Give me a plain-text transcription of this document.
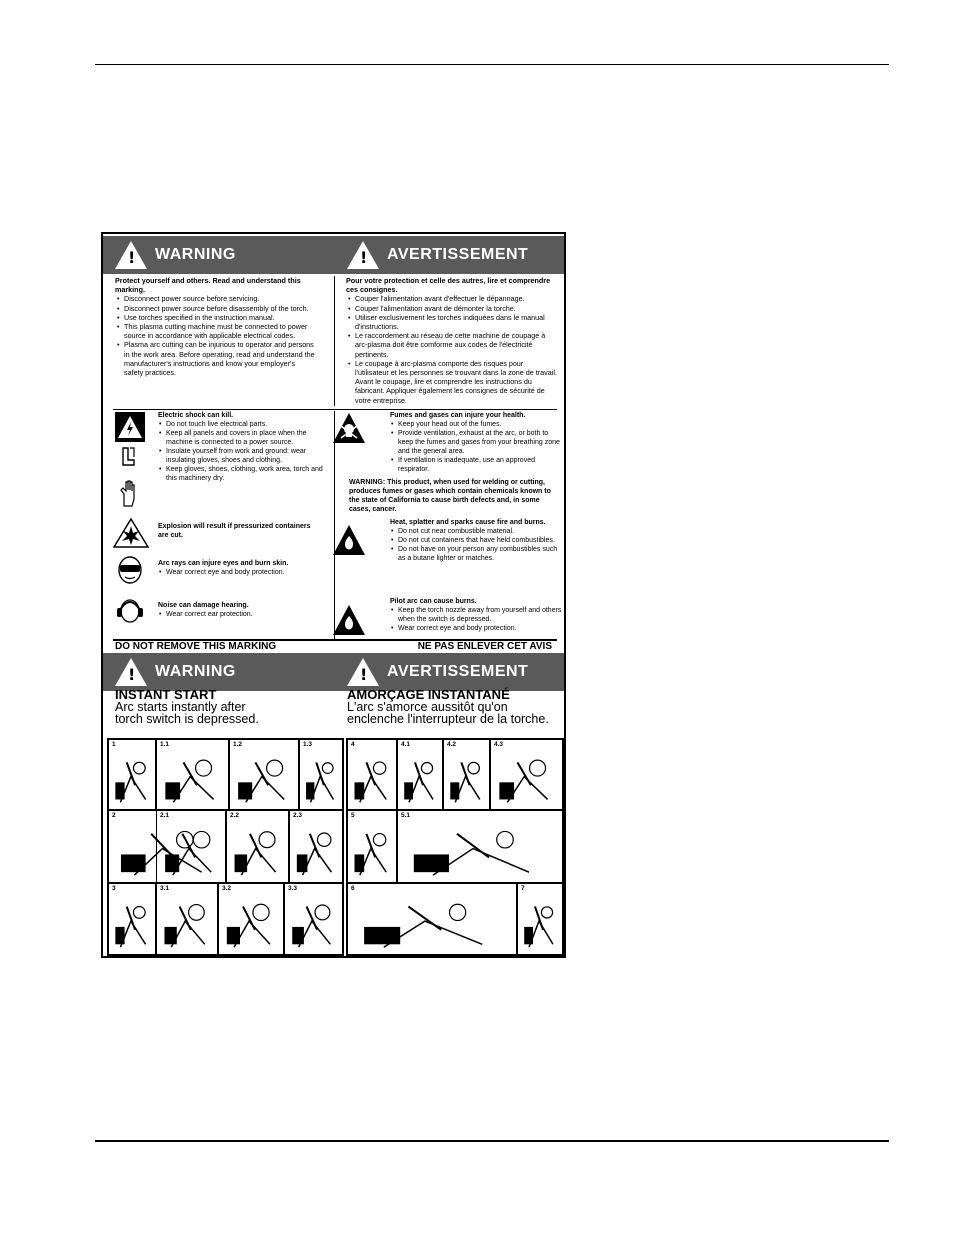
! WARNING	! AVERTISSEMENT
Protect yourself and others. Read and understand this marking.
• Disconnect power source before servicing.
• Disconnect power source before disassembly of the torch.
• Use torches specified in the instruction manual.
• This plasma cutting machine must be connected to power source in accordance with applicable electrical codes.
• Plasma arc cutting can be injurious to operator and persons in the work area. Before operating, read and understand the manufacturer's instructions and know your employer's safety practices.
Pour votre protection et celle des autres, lire et comprendre ces consignes.
• Couper l'alimentation avant d'effectuer le dépannage.
• Couper l'alimentation avant de démonter la torche.
• Utiliser exclusivement les torches indiquées dans le manual d'instructions.
• Le raccordement au réseau de cette machine de coupage à arc-plasma doit être comforme aux codes de l'électricité pertinents.
• Le coupage à arc-plasma comporte des risques pour l'utilisateur et les personnes se trouvant dans la zone de travail. Avant le coupage, lire et comprendre les instructions du fabricant. Appliquer également les consignes de sécurité de votre entreprise.
Electric shock can kill.
• Do not touch live electrical parts.
• Keep all panels and covers in place when the machine is connected to a power source.
• Insulate yourself from work and ground: wear insulating gloves, shoes and clothing.
• Keep gloves, shoes, clothing, work area, torch and this machinery dry.
Explosion will result if pressurized containers are cut.
Arc rays can injure eyes and burn skin.
• Wear correct eye and body protection.
Noise can damage hearing.
• Wear correct ear protection.
Fumes and gases can injure your health.
• Keep your head out of the fumes.
• Provide ventilation, exhaust at the arc, or both to keep the fumes and gases from your breathing zone and the general area.
• If ventilation is inadequate, use an approved respirator.
WARNING: This product, when used for welding or cutting, produces fumes or gases which contain chemicals known to the state of California to cause birth defects and, in some cases, cancer.
Heat, splatter and sparks cause fire and burns.
• Do not cut near combustible material.
• Do not cut containers that have held combustibles.
• Do not have on your person any combustibles such as a butane lighter or matches.
Pilot arc can cause burns.
• Keep the torch nozzle away from yourself and others when the switch is depressed.
• Wear correct eye and body protection.
DO NOT REMOVE THIS MARKING	NE PAS ENLEVER CET AVIS
! WARNING	! AVERTISSEMENT
INSTANT START
Arc starts instantly after
torch switch is depressed.
AMORÇAGE INSTANTANÉ
L'arc s'amorce aussitôt qu'on
enclenche l'interrupteur de la torche.
1	1.1	1.2	1.3
2	2.1	2.2	2.3
3	3.1	3.2	3.3
4	4.1	4.2	4.3
5	5.1
6	7
